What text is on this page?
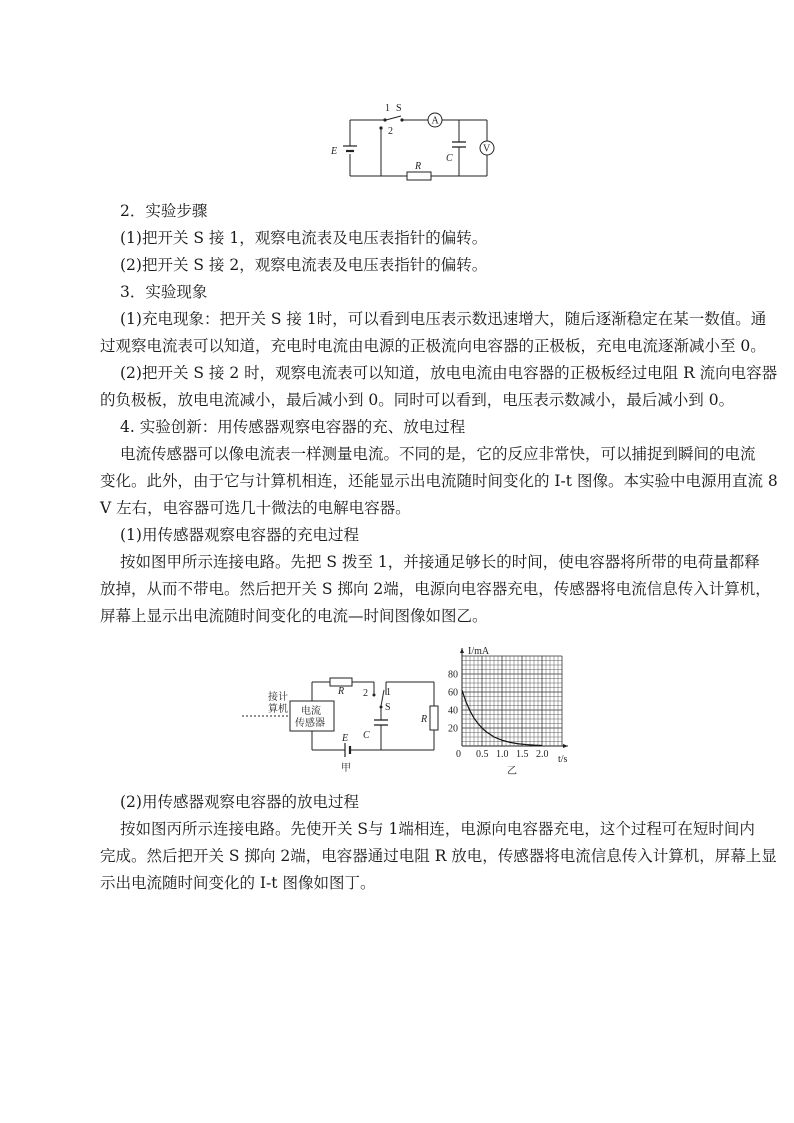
E
1 S
2
A
C
V
R
2．实验步骤
(1)把开关 S 接 1，观察电流表及电压表指针的偏转。
(2)把开关 S 接 2，观察电流表及电压表指针的偏转。
3．实验现象
(1)充电现象：把开关 S 接 1时，可以看到电压表示数迅速增大，随后逐渐稳定在某一数值。通
过观察电流表可以知道，充电时电流由电源的正极流向电容器的正极板，充电电流逐渐减小至 0。
(2)把开关 S 接 2 时，观察电流表可以知道，放电电流由电容器的正极板经过电阻 R 流向电容器
的负极板，放电电流减小，最后减小到 0。同时可以看到，电压表示数减小，最后减小到 0。
4. 实验创新：用传感器观察电容器的充、放电过程
电流传感器可以像电流表一样测量电流。不同的是，它的反应非常快，可以捕捉到瞬间的电流
变化。此外，由于它与计算机相连，还能显示出电流随时间变化的 I-t 图像。本实验中电源用直流 8
V 左右，电容器可选几十微法的电解电容器。
(1)用传感器观察电容器的充电过程
按如图甲所示连接电路。先把 S 拨至 1，并接通足够长的时间，使电容器将所带的电荷量都释
放掉，从而不带电。然后把开关 S 掷向 2端，电源向电容器充电，传感器将电流信息传入计算机，
屏幕上显示出电流随时间变化的电流—时间图像如图乙。
接计
算机 电流
传感器
R 2 1
S
C
R
E
甲
0 0.5 1.0 1.5 2.0
20
40
60
80
I/mA
t/s
乙
(2)用传感器观察电容器的放电过程
按如图丙所示连接电路。先使开关 S与 1端相连，电源向电容器充电，这个过程可在短时间内
完成。然后把开关 S 掷向 2端，电容器通过电阻 R 放电，传感器将电流信息传入计算机，屏幕上显
示出电流随时间变化的 I-t 图像如图丁。
